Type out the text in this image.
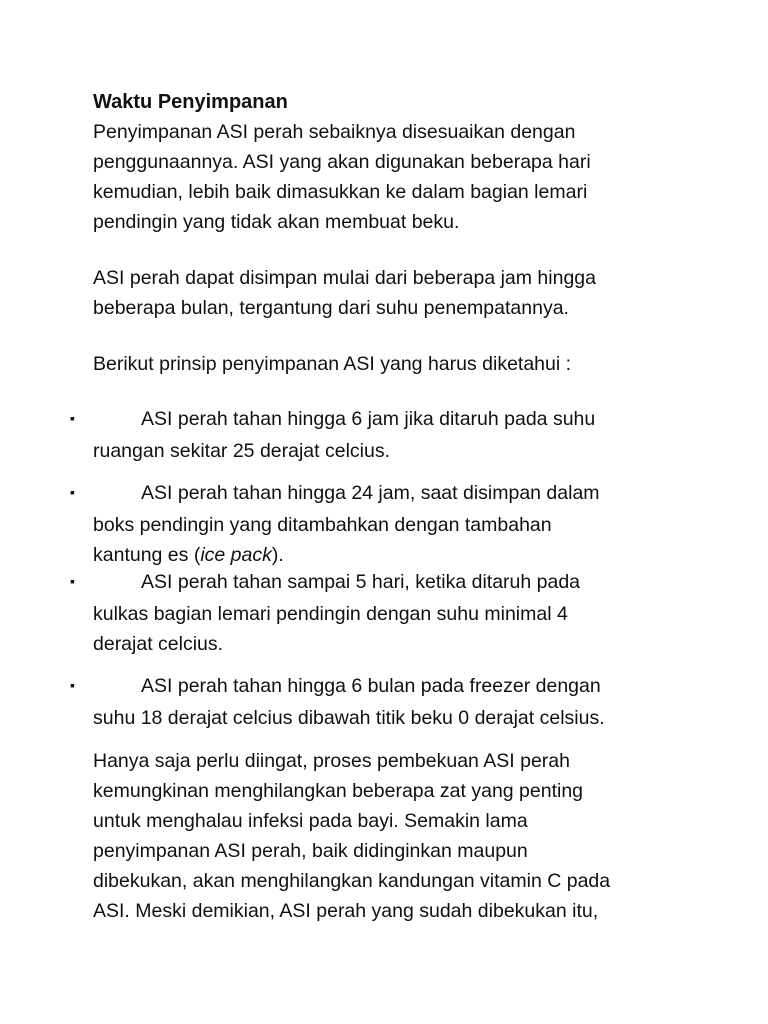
Waktu Penyimpanan
Penyimpanan ASI perah sebaiknya disesuaikan dengan
penggunaannya. ASI yang akan digunakan beberapa hari
kemudian, lebih baik dimasukkan ke dalam bagian lemari
pendingin yang tidak akan membuat beku.
ASI perah dapat disimpan mulai dari beberapa jam hingga
beberapa bulan, tergantung dari suhu penempatannya.
Berikut prinsip penyimpanan ASI yang harus diketahui :
▪	ASI perah tahan hingga 6 jam jika ditaruh pada suhu
ruangan sekitar 25 derajat celcius.
▪	ASI perah tahan hingga 24 jam, saat disimpan dalam
boks pendingin yang ditambahkan dengan tambahan
kantung es (ice pack).
▪	ASI perah tahan sampai 5 hari, ketika ditaruh pada
kulkas bagian lemari pendingin dengan suhu minimal 4
derajat celcius.
▪	ASI perah tahan hingga 6 bulan pada freezer dengan
suhu 18 derajat celcius dibawah titik beku 0 derajat celsius.
Hanya saja perlu diingat, proses pembekuan ASI perah
kemungkinan menghilangkan beberapa zat yang penting
untuk menghalau infeksi pada bayi. Semakin lama
penyimpanan ASI perah, baik didinginkan maupun
dibekukan, akan menghilangkan kandungan vitamin C pada
ASI. Meski demikian, ASI perah yang sudah dibekukan itu,
